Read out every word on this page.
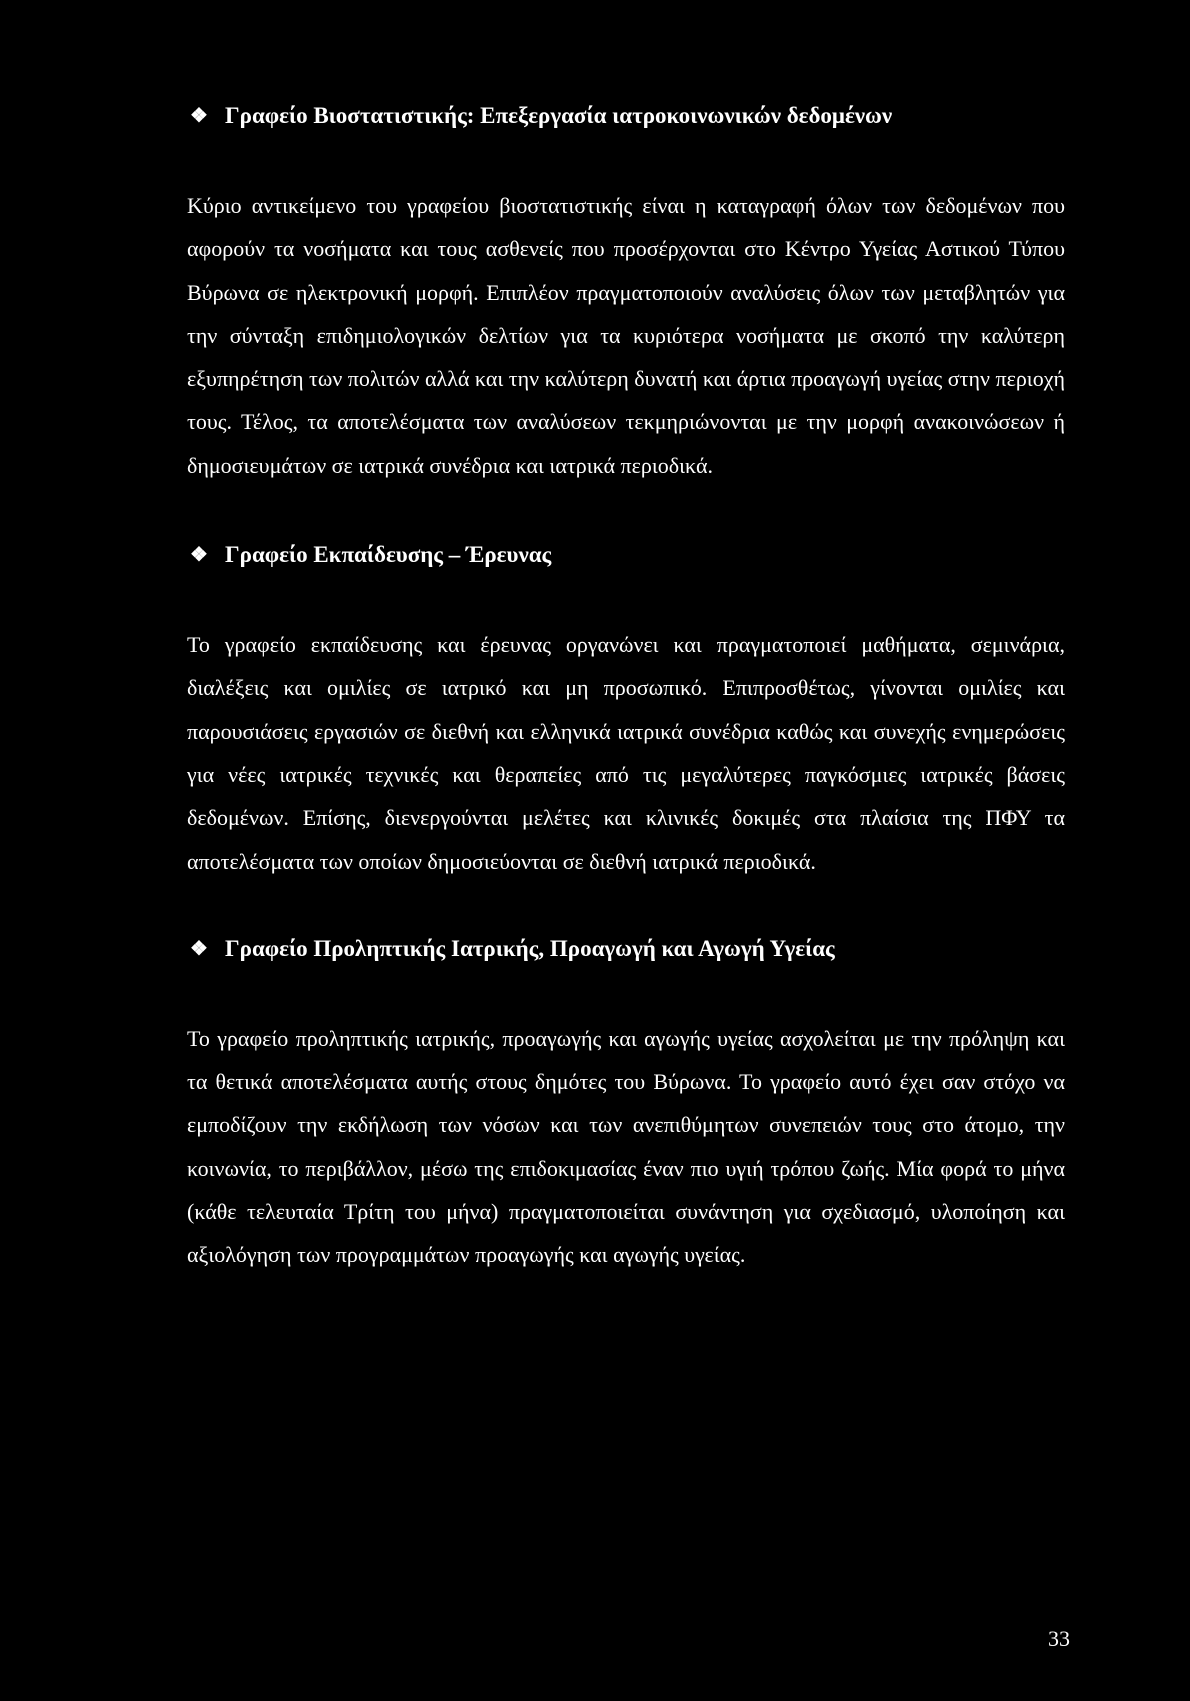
❖ Γραφείο Βιοστατιστικής: Επεξεργασία ιατροκοινωνικών δεδομένων

Κύριο αντικείμενο του γραφείου βιοστατιστικής είναι η καταγραφή όλων των δεδομένων που αφορούν τα νοσήματα και τους ασθενείς που προσέρχονται στο Κέντρο Υγείας Αστικού Τύπου Βύρωνα σε ηλεκτρονική μορφή. Επιπλέον πραγματοποιούν αναλύσεις όλων των μεταβλητών για την σύνταξη επιδημιολογικών δελτίων για τα κυριότερα νοσήματα με σκοπό την καλύτερη εξυπηρέτηση των πολιτών αλλά και την καλύτερη δυνατή και άρτια προαγωγή υγείας στην περιοχή τους. Τέλος, τα αποτελέσματα των αναλύσεων τεκμηριώνονται με την μορφή ανακοινώσεων ή δημοσιευμάτων σε ιατρικά συνέδρια και ιατρικά περιοδικά.

❖ Γραφείο Εκπαίδευσης – Έρευνας

Το γραφείο εκπαίδευσης και έρευνας οργανώνει και πραγματοποιεί μαθήματα, σεμινάρια, διαλέξεις και ομιλίες σε ιατρικό και μη προσωπικό. Επιπροσθέτως, γίνονται ομιλίες και παρουσιάσεις εργασιών σε διεθνή και ελληνικά ιατρικά συνέδρια καθώς και συνεχής ενημερώσεις για νέες ιατρικές τεχνικές και θεραπείες από τις μεγαλύτερες παγκόσμιες ιατρικές βάσεις δεδομένων. Επίσης, διενεργούνται μελέτες και κλινικές δοκιμές στα πλαίσια της ΠΦΥ τα αποτελέσματα των οποίων δημοσιεύονται σε διεθνή ιατρικά περιοδικά.

❖ Γραφείο Προληπτικής Ιατρικής, Προαγωγή και Αγωγή Υγείας

Το γραφείο προληπτικής ιατρικής, προαγωγής και αγωγής υγείας ασχολείται με την πρόληψη και τα θετικά αποτελέσματα αυτής στους δημότες του Βύρωνα. Το γραφείο αυτό έχει σαν στόχο να εμποδίζουν την εκδήλωση των νόσων και των ανεπιθύμητων συνεπειών τους στο άτομο, την κοινωνία, το περιβάλλον, μέσω της επιδοκιμασίας έναν πιο υγιή τρόπου ζωής. Μία φορά το μήνα (κάθε τελευταία Τρίτη του μήνα) πραγματοποιείται συνάντηση για σχεδιασμό, υλοποίηση και αξιολόγηση των προγραμμάτων προαγωγής και αγωγής υγείας.

33
